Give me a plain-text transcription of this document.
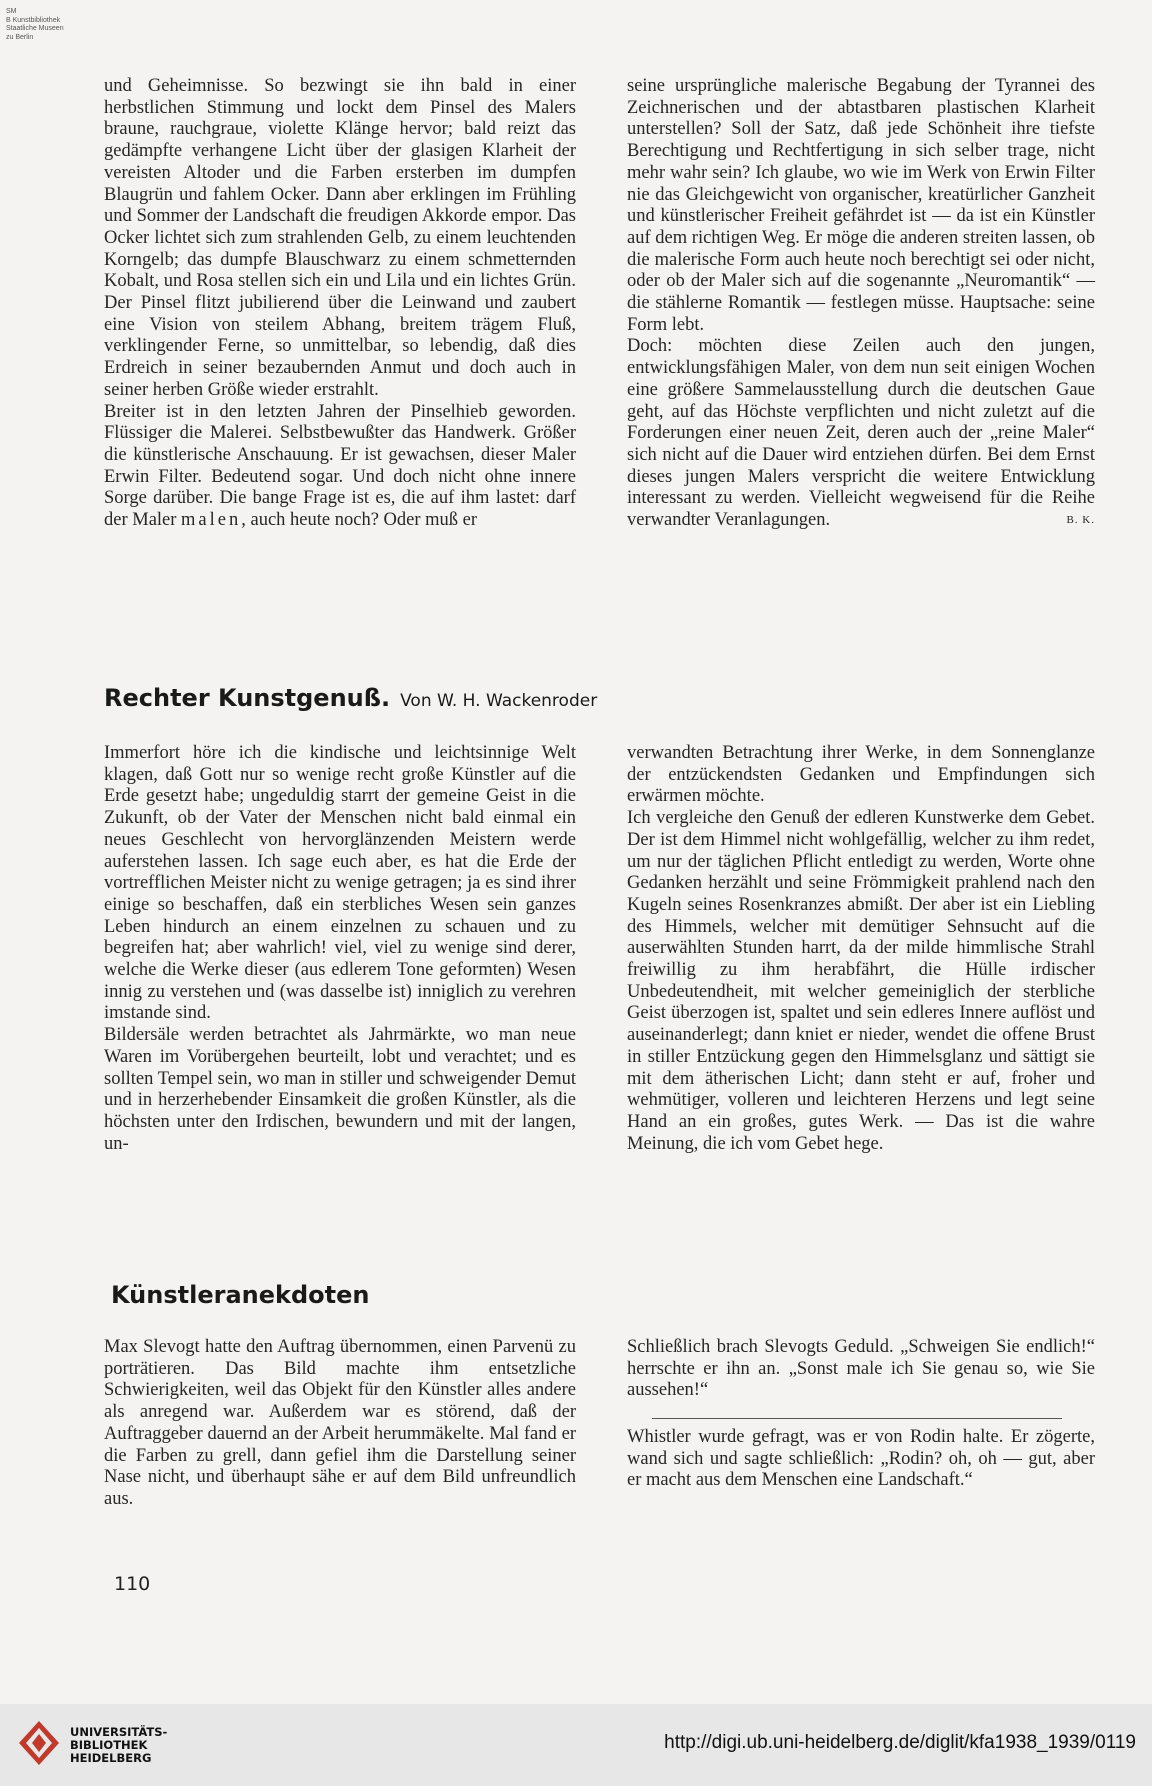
SM
B Kunstbibliothek
Staatliche Museen
zu Berlin

und Geheimnisse. So bezwingt sie ihn bald in einer herbstlichen Stimmung und lockt dem Pinsel des Malers braune, rauchgraue, violette Klänge hervor; bald reizt das gedämpfte verhangene Licht über der glasigen Klarheit der vereisten Altoder und die Farben ersterben im dumpfen Blaugrün und fahlem Ocker. Dann aber erklingen im Frühling und Sommer der Landschaft die freudigen Akkorde empor. Das Ocker lichtet sich zum strahlenden Gelb, zu einem leuchtenden Korngelb; das dumpfe Blauschwarz zu einem schmetternden Kobalt, und Rosa stellen sich ein und Lila und ein lichtes Grün. Der Pinsel flitzt jubilierend über die Leinwand und zaubert eine Vision von steilem Abhang, breitem trägem Fluß, verklingender Ferne, so unmittelbar, so lebendig, daß dies Erdreich in seiner bezaubernden Anmut und doch auch in seiner herben Größe wieder erstrahlt.

Breiter ist in den letzten Jahren der Pinselhieb geworden. Flüssiger die Malerei. Selbstbewußter das Handwerk. Größer die künstlerische Anschauung. Er ist gewachsen, dieser Maler Erwin Filter. Bedeutend sogar. Und doch nicht ohne innere Sorge darüber. Die bange Frage ist es, die auf ihm lastet: darf der Maler malen, auch heute noch? Oder muß er

seine ursprüngliche malerische Begabung der Tyrannei des Zeichnerischen und der abtastbaren plastischen Klarheit unterstellen? Soll der Satz, daß jede Schönheit ihre tiefste Berechtigung und Rechtfertigung in sich selber trage, nicht mehr wahr sein? Ich glaube, wo wie im Werk von Erwin Filter nie das Gleichgewicht von organischer, kreatürlicher Ganzheit und künstlerischer Freiheit gefährdet ist — da ist ein Künstler auf dem richtigen Weg. Er möge die anderen streiten lassen, ob die malerische Form auch heute noch berechtigt sei oder nicht, oder ob der Maler sich auf die sogenannte „Neuromantik“ — die stählerne Romantik — festlegen müsse. Hauptsache: seine Form lebt.

Doch: möchten diese Zeilen auch den jungen, entwicklungsfähigen Maler, von dem nun seit einigen Wochen eine größere Sammelausstellung durch die deutschen Gaue geht, auf das Höchste verpflichten und nicht zuletzt auf die Forderungen einer neuen Zeit, deren auch der „reine Maler“ sich nicht auf die Dauer wird entziehen dürfen. Bei dem Ernst dieses jungen Malers verspricht die weitere Entwicklung interessant zu werden. Vielleicht wegweisend für die Reihe verwandter Veranlagungen.	B. K.

Rechter Kunstgenuß. Von W. H. Wackenroder

Immerfort höre ich die kindische und leichtsinnige Welt klagen, daß Gott nur so wenige recht große Künstler auf die Erde gesetzt habe; ungeduldig starrt der gemeine Geist in die Zukunft, ob der Vater der Menschen nicht bald einmal ein neues Geschlecht von hervorglänzenden Meistern werde auferstehen lassen. Ich sage euch aber, es hat die Erde der vortrefflichen Meister nicht zu wenige getragen; ja es sind ihrer einige so beschaffen, daß ein sterbliches Wesen sein ganzes Leben hindurch an einem einzelnen zu schauen und zu begreifen hat; aber wahrlich! viel, viel zu wenige sind derer, welche die Werke dieser (aus edlerem Tone geformten) Wesen innig zu verstehen und (was dasselbe ist) inniglich zu verehren imstande sind.

Bildersäle werden betrachtet als Jahrmärkte, wo man neue Waren im Vorübergehen beurteilt, lobt und verachtet; und es sollten Tempel sein, wo man in stiller und schweigender Demut und in herzerhebender Einsamkeit die großen Künstler, als die höchsten unter den Irdischen, bewundern und mit der langen, un-

verwandten Betrachtung ihrer Werke, in dem Sonnenglanze der entzückendsten Gedanken und Empfindungen sich erwärmen möchte.

Ich vergleiche den Genuß der edleren Kunstwerke dem Gebet. Der ist dem Himmel nicht wohlgefällig, welcher zu ihm redet, um nur der täglichen Pflicht entledigt zu werden, Worte ohne Gedanken herzählt und seine Frömmigkeit prahlend nach den Kugeln seines Rosenkranzes abmißt. Der aber ist ein Liebling des Himmels, welcher mit demütiger Sehnsucht auf die auserwählten Stunden harrt, da der milde himmlische Strahl freiwillig zu ihm herabfährt, die Hülle irdischer Unbedeutendheit, mit welcher gemeiniglich der sterbliche Geist überzogen ist, spaltet und sein edleres Innere auflöst und auseinanderlegt; dann kniet er nieder, wendet die offene Brust in stiller Entzückung gegen den Himmelsglanz und sättigt sie mit dem ätherischen Licht; dann steht er auf, froher und wehmütiger, volleren und leichteren Herzens und legt seine Hand an ein großes, gutes Werk. — Das ist die wahre Meinung, die ich vom Gebet hege.

Künstleranekdoten

Max Slevogt hatte den Auftrag übernommen, einen Parvenü zu porträtieren. Das Bild machte ihm entsetzliche Schwierigkeiten, weil das Objekt für den Künstler alles andere als anregend war. Außerdem war es störend, daß der Auftraggeber dauernd an der Arbeit herummäkelte. Mal fand er die Farben zu grell, dann gefiel ihm die Darstellung seiner Nase nicht, und überhaupt sähe er auf dem Bild unfreundlich aus.

Schließlich brach Slevogts Geduld. „Schweigen Sie endlich!“ herrschte er ihn an. „Sonst male ich Sie genau so, wie Sie aussehen!“

Whistler wurde gefragt, was er von Rodin halte. Er zögerte, wand sich und sagte schließlich: „Rodin? oh, oh — gut, aber er macht aus dem Menschen eine Landschaft.“

110
UNIVERSITÄTS-
BIBLIOTHEK
HEIDELBERG
http://digi.ub.uni-heidelberg.de/diglit/kfa1938_1939/0119
